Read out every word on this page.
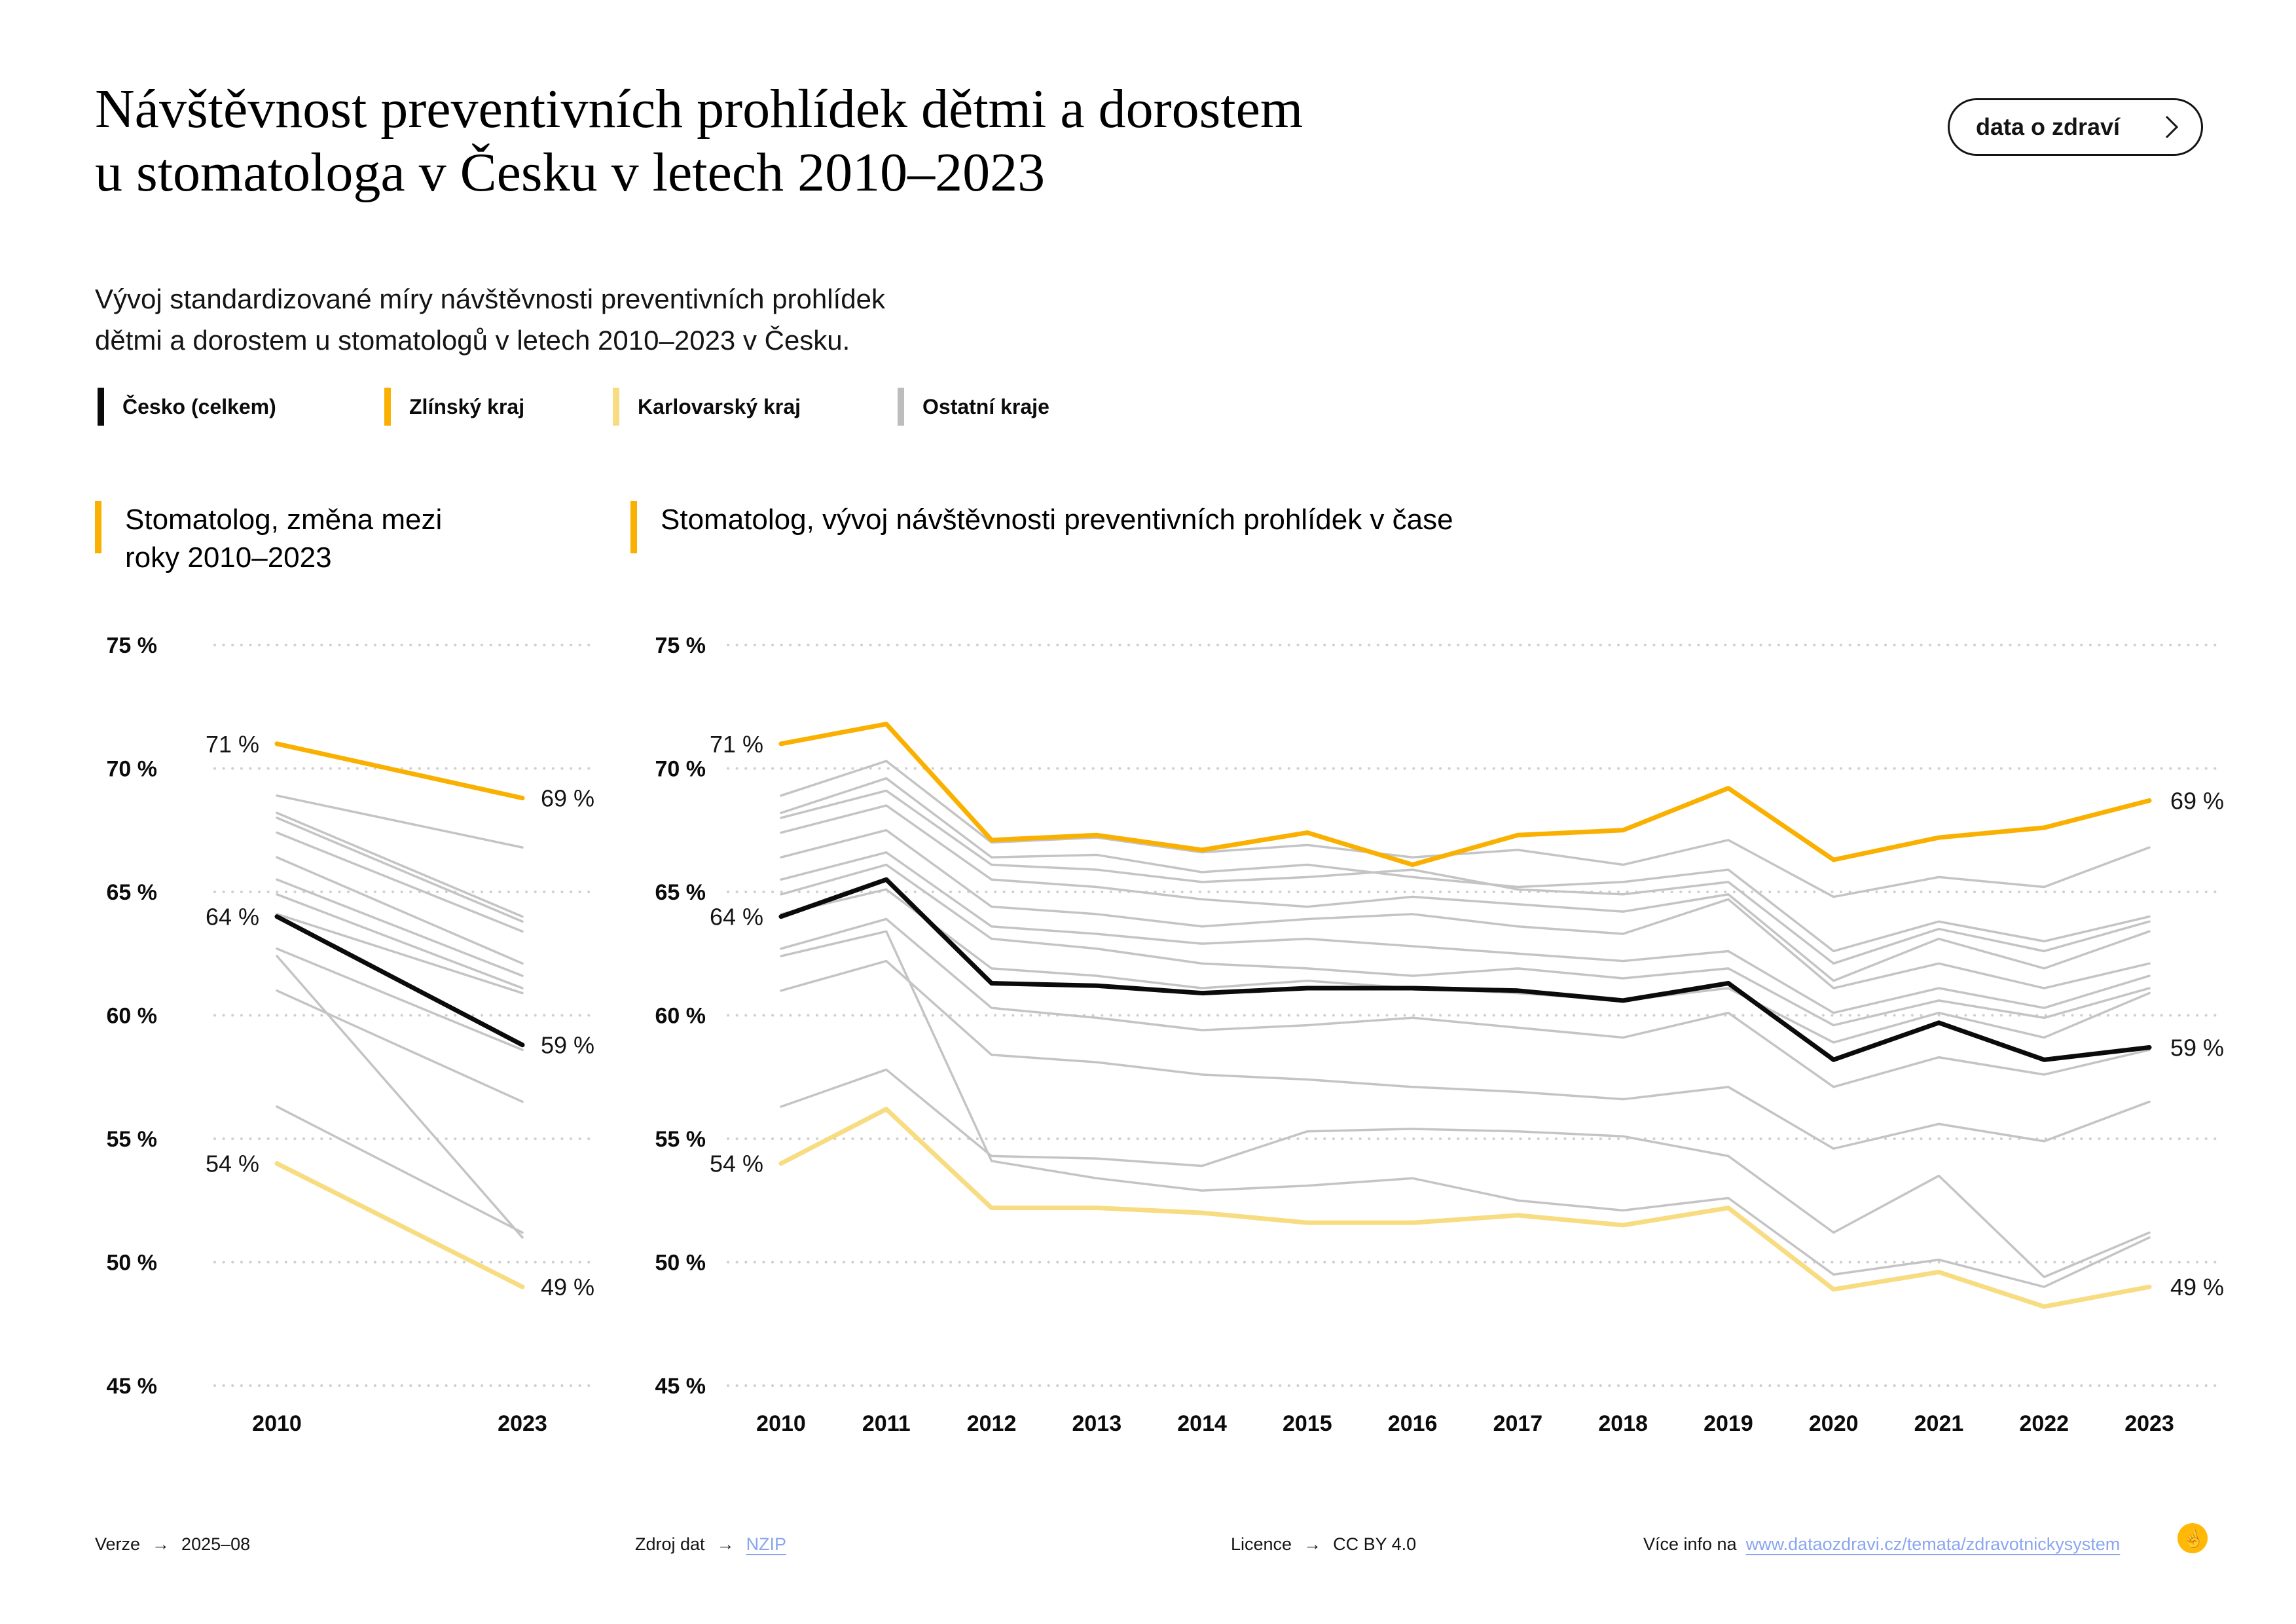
Návštěvnost preventivních prohlídek dětmi a dorostem
u stomatologa v Česku v letech 2010–2023
data o zdraví

Vývoj standardizované míry návštěvnosti preventivních prohlídek
dětmi a dorostem u stomatologů v letech 2010–2023 v Česku.

Česko (celkem)	Zlínský kraj	Karlovarský kraj	Ostatní kraje
Stomatolog, změna mezi roky 2010–2023
Stomatolog, vývoj návštěvnosti preventivních prohlídek v čase
75 %
70 %
65 %
60 %
55 %
50 %
45 %
2010	2023
54 %
49 %
64 %
59 %
71 %
69 %
75 %
70 %
65 %
60 %
55 %
50 %
45 %
2010	2011	2012	2013	2014	2015	2016	2017	2018	2019	2020	2021	2022	2023
54 %
49 %
64 %
59 %
71 %
69 %
Verze → 2025–08	Zdroj dat → NZIP	Licence → CC BY 4.0	Více info na www.dataozdravi.cz/temata/zdravotnickysystem	☝
